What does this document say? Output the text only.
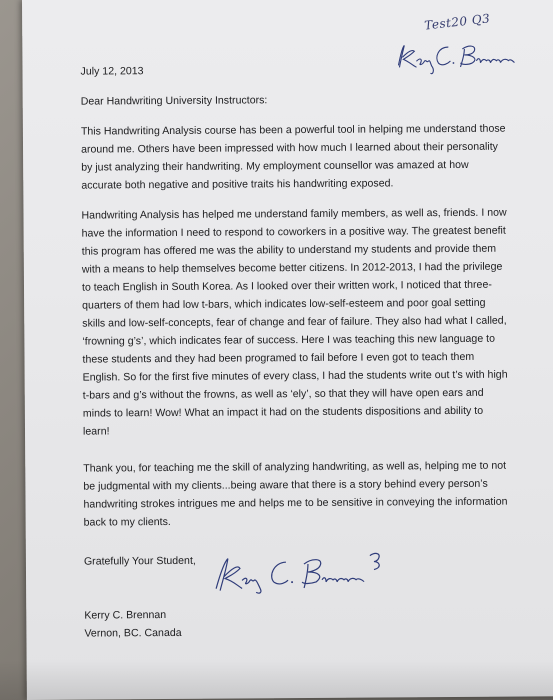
Test20 Q3
July 12, 2013
Dear Handwriting University Instructors:
This Handwriting Analysis course has been a powerful tool in helping me understand those around me. Others have been impressed with how much I learned about their personality by just analyzing their handwriting. My employment counsellor was amazed at how accurate both negative and positive traits his handwriting exposed.
Handwriting Analysis has helped me understand family members, as well as, friends. I now have the information I need to respond to coworkers in a positive way. The greatest benefit this program has offered me was the ability to understand my students and provide them with a means to help themselves become better citizens. In 2012-2013, I had the privilege to teach English in South Korea. As I looked over their written work, I noticed that three-quarters of them had low t-bars, which indicates low-self-esteem and poor goal setting skills and low-self-concepts, fear of change and fear of failure. They also had what I called, ‘frowning g’s’, which indicates fear of success. Here I was teaching this new language to these students and they had been programed to fail before I even got to teach them English. So for the first five minutes of every class, I had the students write out t’s with high t-bars and g’s without the frowns, as well as ‘ely’, so that they will have open ears and minds to learn! Wow! What an impact it had on the students dispositions and ability to learn!
Thank you, for teaching me the skill of analyzing handwriting, as well as, helping me to not be judgmental with my clients...being aware that there is a story behind every person’s handwriting strokes intrigues me and helps me to be sensitive in conveying the information back to my clients.
Gratefully Your Student,
Kerry C. Brennan
Vernon, BC. Canada
